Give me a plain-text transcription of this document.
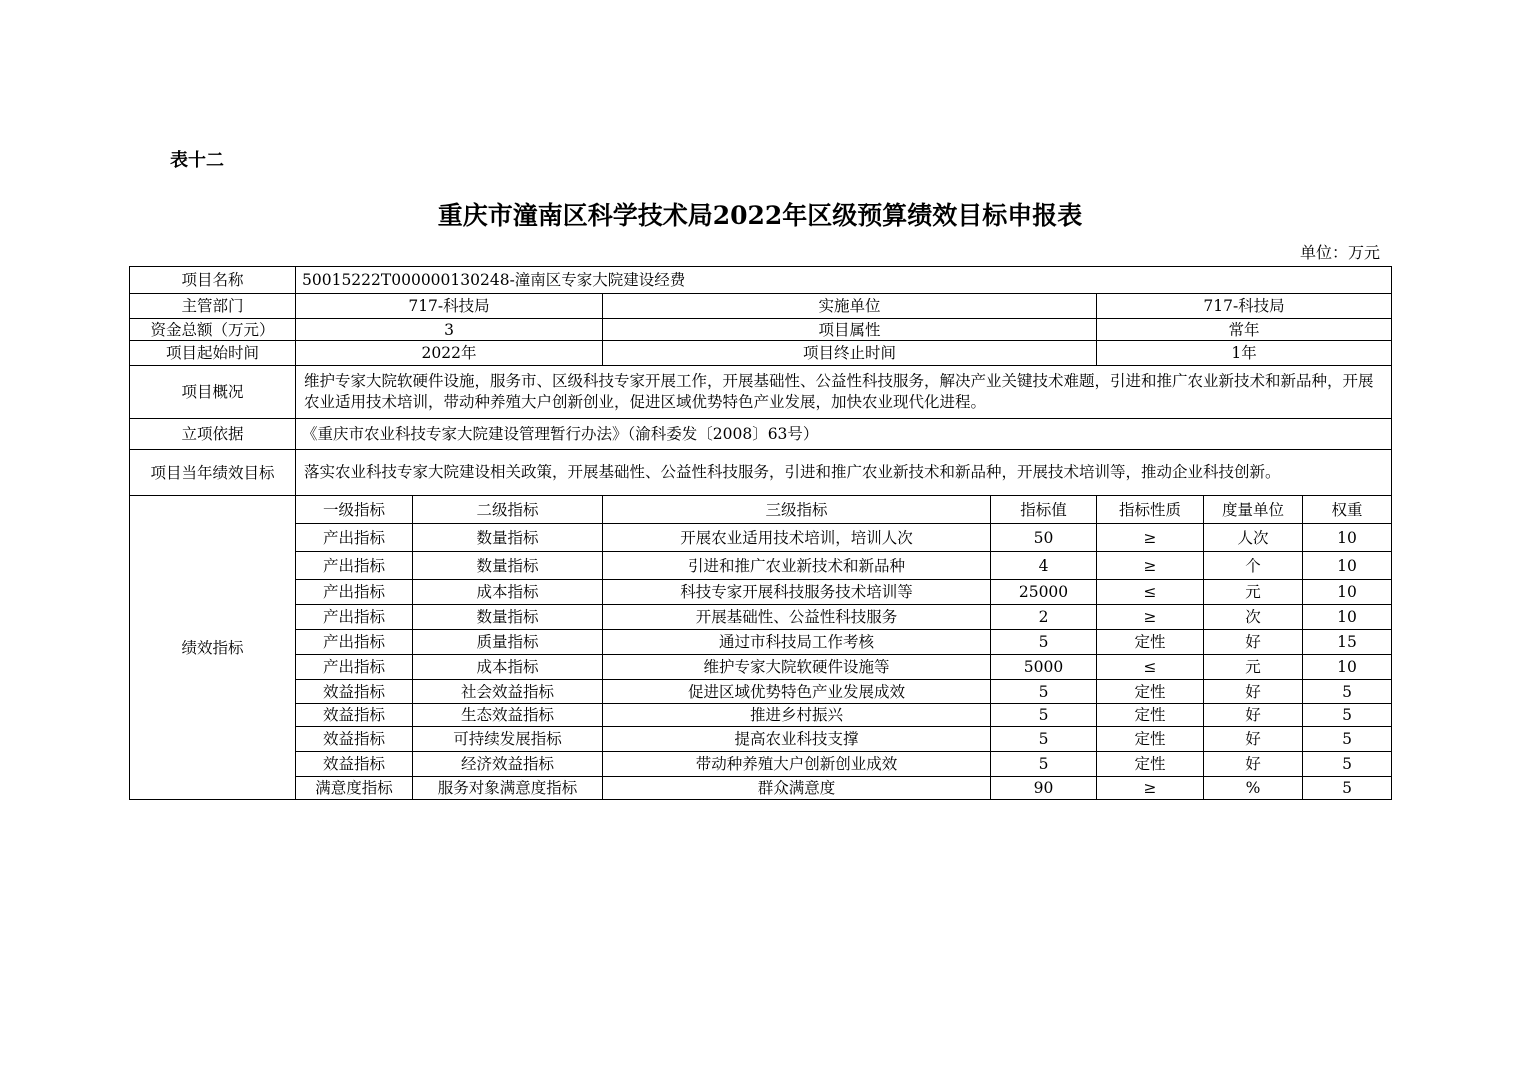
表十二
重庆市潼南区科学技术局2022年区级预算绩效目标申报表
单位：万元
项目名称	50015222T000000130248-潼南区专家大院建设经费						
主管部门	717-科技局		实施单位		717-科技局		
资金总额（万元）	3		项目属性		常年		
项目起始时间	2022年		项目终止时间		1年		
项目概况	维护专家大院软硬件设施，服务市、区级科技专家开展工作，开展基础性、公益性科技服务，解决产业关键技术难题，引进和推广农业新技术和新品种，开展农业适用技术培训，带动种养殖大户创新创业，促进区域优势特色产业发展，加快农业现代化进程。						
立项依据	《重庆市农业科技专家大院建设管理暂行办法》（渝科委发〔2008〕63号）						
项目当年绩效目标	落实农业科技专家大院建设相关政策，开展基础性、公益性科技服务，引进和推广农业新技术和新品种，开展技术培训等，推动企业科技创新。						
绩效指标	一级指标	二级指标	三级指标	指标值	指标性质	度量单位	权重
	产出指标	数量指标	开展农业适用技术培训，培训人次	50	≥	人次	10
	产出指标	数量指标	引进和推广农业新技术和新品种	4	≥	个	10
	产出指标	成本指标	科技专家开展科技服务技术培训等	25000	≤	元	10
	产出指标	数量指标	开展基础性、公益性科技服务	2	≥	次	10
	产出指标	质量指标	通过市科技局工作考核	5	定性	好	15
	产出指标	成本指标	维护专家大院软硬件设施等	5000	≤	元	10
	效益指标	社会效益指标	促进区域优势特色产业发展成效	5	定性	好	5
	效益指标	生态效益指标	推进乡村振兴	5	定性	好	5
	效益指标	可持续发展指标	提高农业科技支撑	5	定性	好	5
	效益指标	经济效益指标	带动种养殖大户创新创业成效	5	定性	好	5
	满意度指标	服务对象满意度指标	群众满意度	90	≥	%	5
